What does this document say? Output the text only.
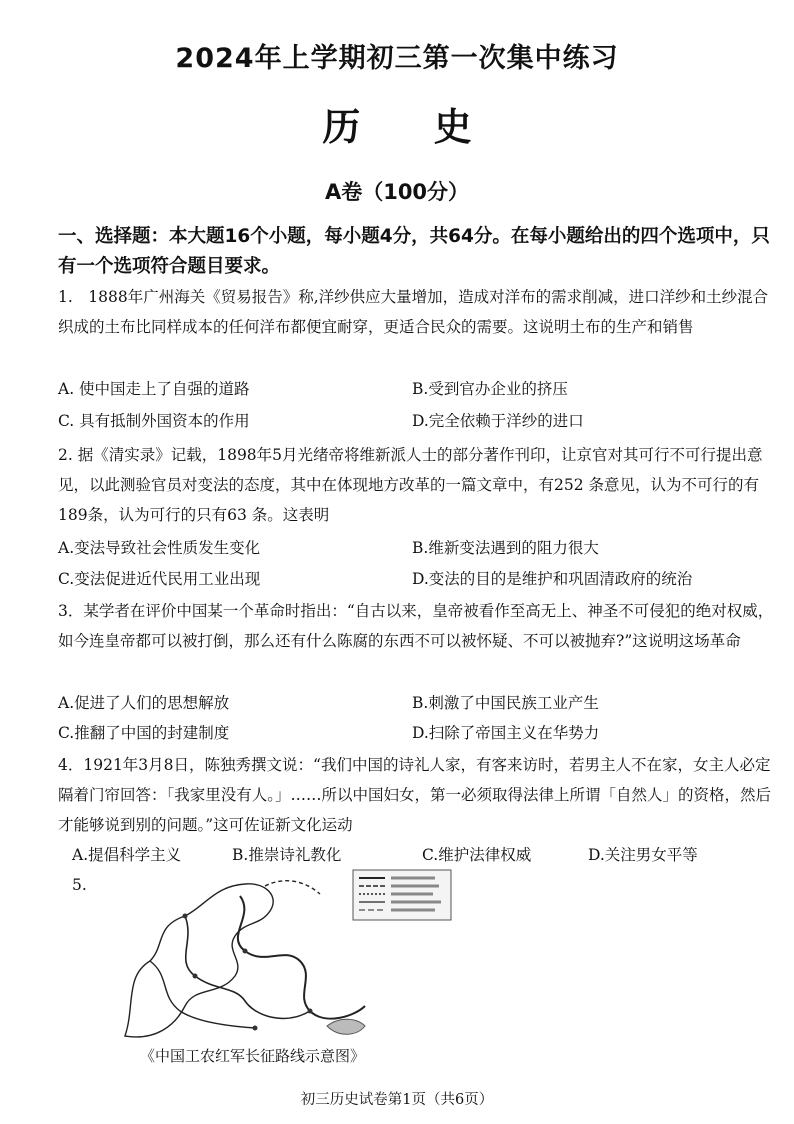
2024年上学期初三第一次集中练习
历 史
A卷（100分）
一、选择题：本大题16个小题，每小题4分，共64分。在每小题给出的四个选项中，只有一个选项符合题目要求。
1.　1888年广州海关《贸易报告》称,洋纱供应大量增加，造成对洋布的需求削减，进口洋纱和土纱混合织成的土布比同样成本的任何洋布都便宜耐穿，更适合民众的需要。这说明土布的生产和销售
A. 使中国走上了自强的道路	B.受到官办企业的挤压
C. 具有抵制外国资本的作用	D.完全依赖于洋纱的进口
2. 据《清实录》记载，1898年5月光绪帝将维新派人士的部分著作刊印，让京官对其可行不可行提出意见，以此测验官员对变法的态度，其中在体现地方改革的一篇文章中，有252 条意见，认为不可行的有189条，认为可行的只有63 条。这表明
A.变法导致社会性质发生变化	B.维新变法遇到的阻力很大
C.变法促进近代民用工业出现	D.变法的目的是维护和巩固清政府的统治
3．某学者在评价中国某一个革命时指出：“自古以来，皇帝被看作至高无上、神圣不可侵犯的绝对权威，如今连皇帝都可以被打倒，那么还有什么陈腐的东西不可以被怀疑、不可以被抛弃?”这说明这场革命
A.促进了人们的思想解放	B.刺激了中国民族工业产生
C.推翻了中国的封建制度	D.扫除了帝国主义在华势力
4．1921年3月8日，陈独秀撰文说：“我们中国的诗礼人家，有客来访时，若男主人不在家，女主人必定隔着门帘回答：「我家里没有人。」……所以中国妇女，第一必须取得法律上所谓「自然人」的资格，然后才能够说到别的问题。”这可佐证新文化运动
A.提倡科学主义	B.推崇诗礼教化	C.维护法律权威	D.关注男女平等
5.
《中国工农红军长征路线示意图》
初三历史试卷第1页（共6页）
